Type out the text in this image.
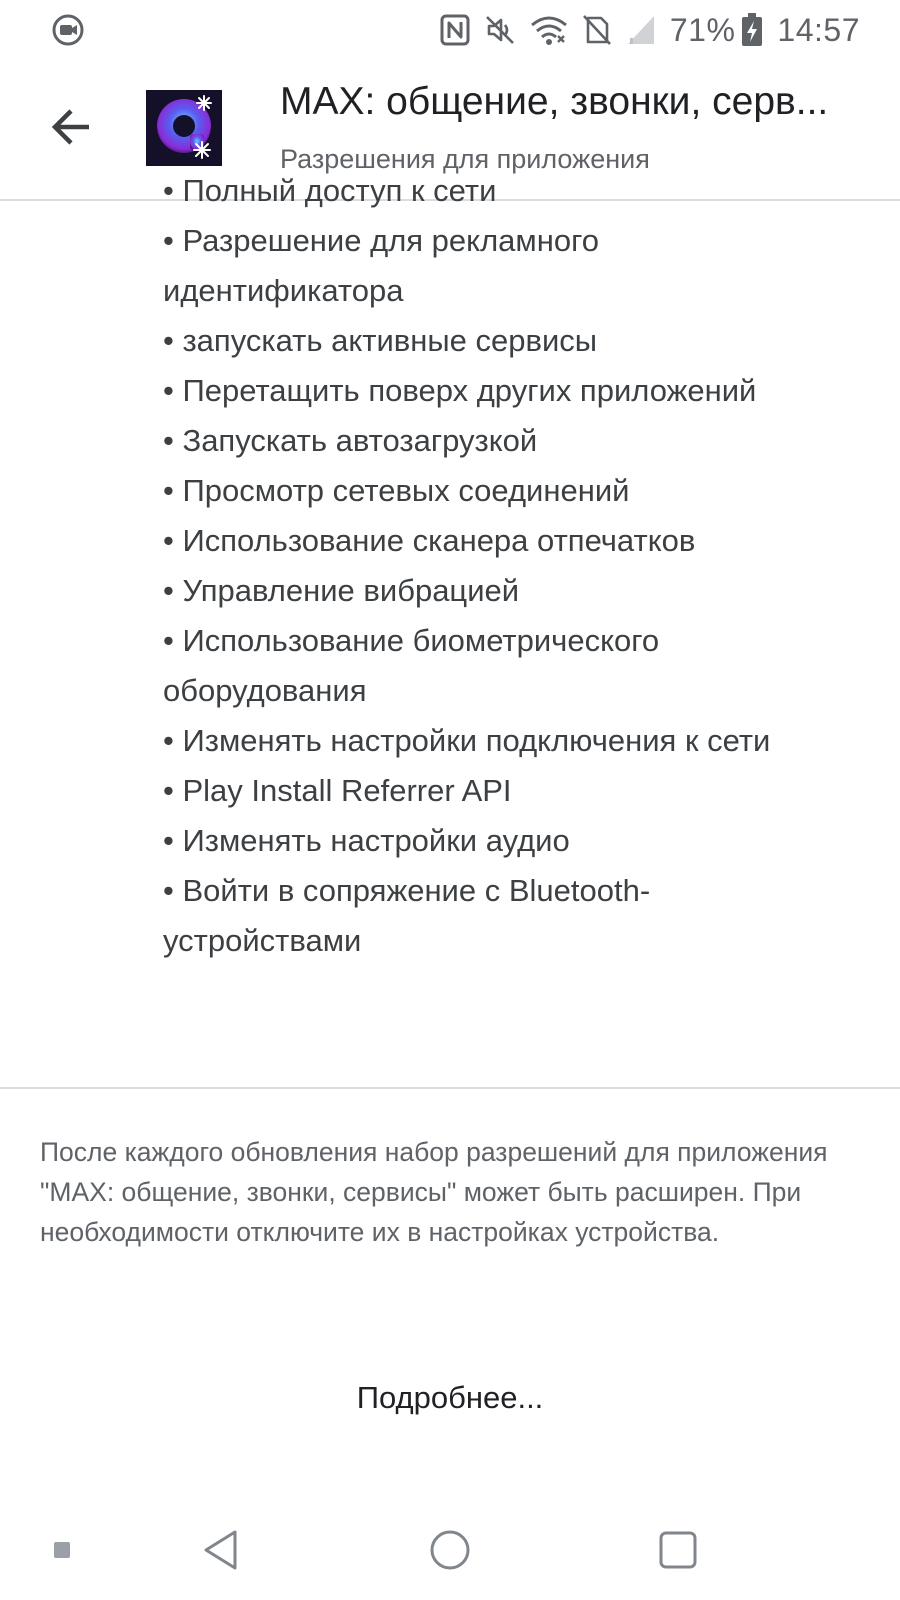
71% 14:57
MAX: общение, звонки, серв...
Разрешения для приложения
• Полный доступ к сети
• Разрешение для рекламного идентификатора
• запускать активные сервисы
• Перетащить поверх других приложений
• Запускать автозагрузкой
• Просмотр сетевых соединений
• Использование сканера отпечатков
• Управление вибрацией
• Использование биометрического оборудования
• Изменять настройки подключения к сети
• Play Install Referrer API
• Изменять настройки аудио
• Войти в сопряжение с Bluetooth-устройствами
После каждого обновления набор разрешений для приложения "MAX: общение, звонки, сервисы" может быть расширен. При необходимости отключите их в настройках устройства.
Подробнее...
